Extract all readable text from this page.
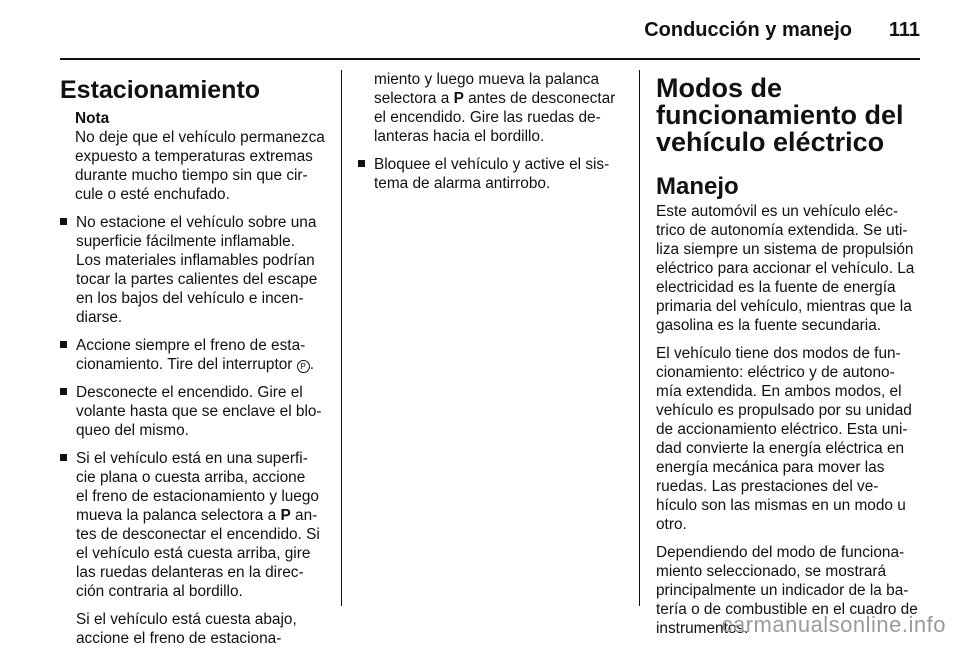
Conducción y manejo 111
Estacionamiento
Nota
No deje que el vehículo permanezca
expuesto a temperaturas extremas
durante mucho tiempo sin que cir-
cule o esté enchufado.
No estacione el vehículo sobre una
superficie fácilmente inflamable.
Los materiales inflamables podrían
tocar la partes calientes del escape
en los bajos del vehículo e incen-
diarse.
Accione siempre el freno de esta-
cionamiento. Tire del interruptor P .
Desconecte el encendido. Gire el
volante hasta que se enclave el blo-
queo del mismo.
Si el vehículo está en una superfi-
cie plana o cuesta arriba, accione
el freno de estacionamiento y luego
mueva la palanca selectora a P an-
tes de desconectar el encendido. Si
el vehículo está cuesta arriba, gire
las ruedas delanteras en la direc-
ción contraria al bordillo.
Si el vehículo está cuesta abajo,
accione el freno de estaciona-
miento y luego mueva la palanca
selectora a P antes de desconectar
el encendido. Gire las ruedas de-
lanteras hacia el bordillo.
Bloquee el vehículo y active el sis-
tema de alarma antirrobo.
Modos de
funcionamiento del
vehículo eléctrico
Manejo
Este automóvil es un vehículo eléc-
trico de autonomía extendida. Se uti-
liza siempre un sistema de propulsión
eléctrico para accionar el vehículo. La
electricidad es la fuente de energía
primaria del vehículo, mientras que la
gasolina es la fuente secundaria.
El vehículo tiene dos modos de fun-
cionamiento: eléctrico y de autono-
mía extendida. En ambos modos, el
vehículo es propulsado por su unidad
de accionamiento eléctrico. Esta uni-
dad convierte la energía eléctrica en
energía mecánica para mover las
ruedas. Las prestaciones del ve-
hículo son las mismas en un modo u
otro.
Dependiendo del modo de funciona-
miento seleccionado, se mostrará
principalmente un indicador de la ba-
tería o de combustible en el cuadro de
instrumentos.
carmanualsonline.info
